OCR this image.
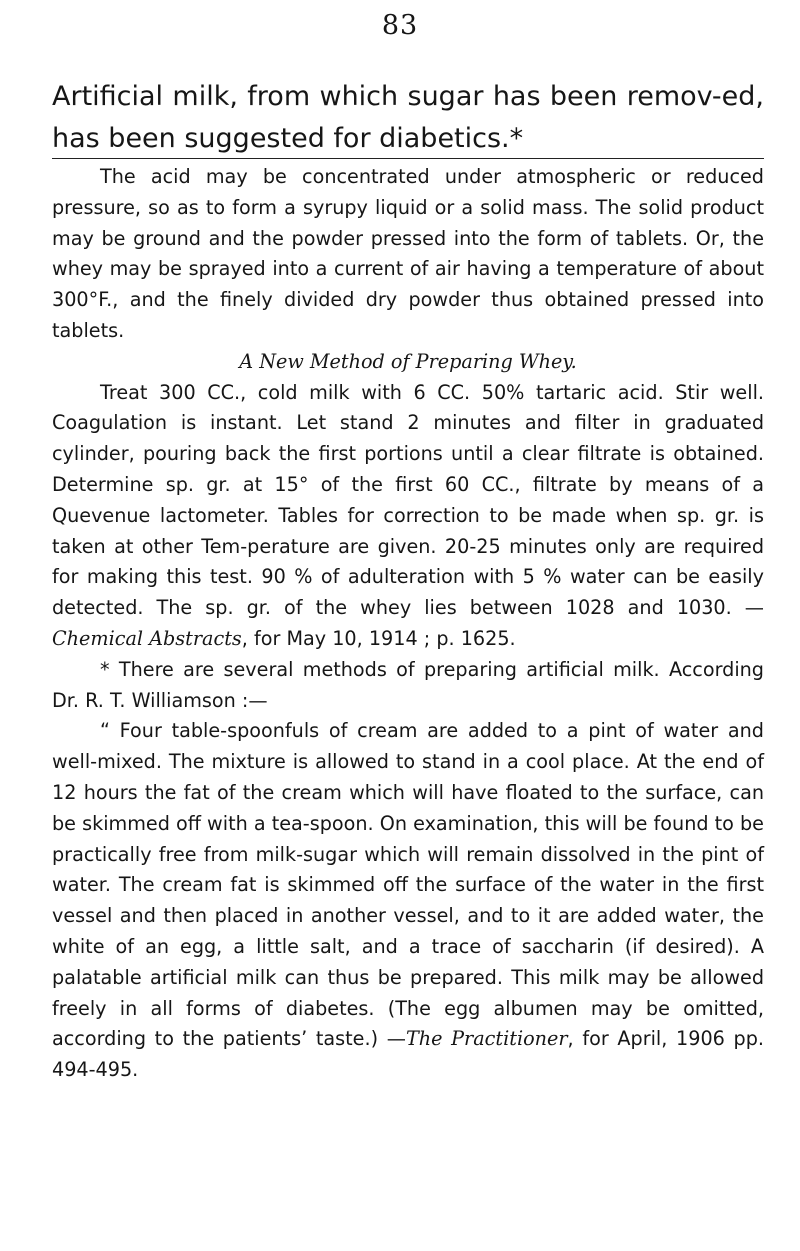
83
Artificial milk, from which sugar has been remov-ed, has been suggested for diabetics.*

The acid may be concentrated under atmospheric or reduced pressure, so as to form a syrupy liquid or a solid mass. The solid product may be ground and the powder pressed into the form of tablets. Or, the whey may be sprayed into a current of air having a temperature of about 300°F., and the finely divided dry powder thus obtained pressed into tablets.

A New Method of Preparing Whey.

Treat 300 CC., cold milk with 6 CC. 50% tartaric acid. Stir well. Coagulation is instant. Let stand 2 minutes and filter in graduated cylinder, pouring back the first portions until a clear filtrate is obtained. Determine sp. gr. at 15° of the first 60 CC., filtrate by means of a Quevenue lactometer. Tables for correction to be made when sp. gr. is taken at other Tem-perature are given. 20-25 minutes only are required for making this test. 90 % of adulteration with 5 % water can be easily detected. The sp. gr. of the whey lies between 1028 and 1030. —Chemical Abstracts, for May 10, 1914 ; p. 1625.

* There are several methods of preparing artificial milk. According Dr. R. T. Williamson :—

“ Four table-spoonfuls of cream are added to a pint of water and well-mixed. The mixture is allowed to stand in a cool place. At the end of 12 hours the fat of the cream which will have floated to the surface, can be skimmed off with a tea-spoon. On examination, this will be found to be practically free from milk-sugar which will remain dissolved in the pint of water. The cream fat is skimmed off the surface of the water in the first vessel and then placed in another vessel, and to it are added water, the white of an egg, a little salt, and a trace of saccharin (if desired). A palatable artificial milk can thus be prepared. This milk may be allowed freely in all forms of diabetes. (The egg albumen may be omitted, according to the patients’ taste.) —The Practitioner, for April, 1906 pp. 494-495.
